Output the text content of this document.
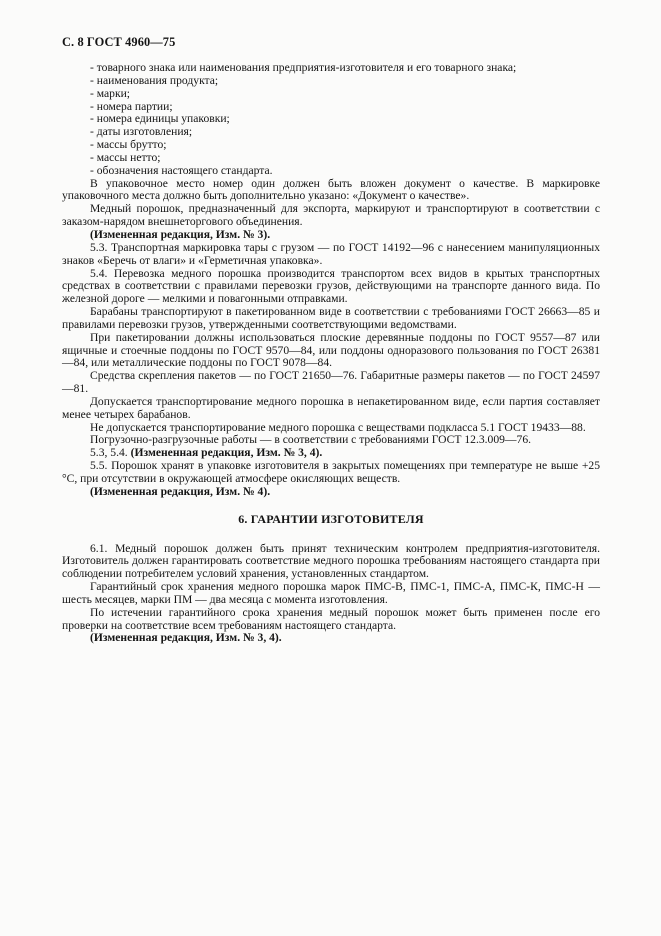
С. 8 ГОСТ 4960—75
- товарного знака или наименования предприятия-изготовителя и его товарного знака;
- наименования продукта;
- марки;
- номера партии;
- номера единицы упаковки;
- даты изготовления;
- массы брутто;
- массы нетто;
- обозначения настоящего стандарта.
В упаковочное место номер один должен быть вложен документ о качестве. В маркировке упаковочного места должно быть дополнительно указано: «Документ о качестве».
Медный порошок, предназначенный для экспорта, маркируют и транспортируют в соответствии с заказом-нарядом внешнеторгового объединения.
(Измененная редакция, Изм. № 3).
5.3. Транспортная маркировка тары с грузом — по ГОСТ 14192—96 с нанесением манипуляционных знаков «Беречь от влаги» и «Герметичная упаковка».
5.4. Перевозка медного порошка производится транспортом всех видов в крытых транспортных средствах в соответствии с правилами перевозки грузов, действующими на транспорте данного вида. По железной дороге — мелкими и повагонными отправками.
Барабаны транспортируют в пакетированном виде в соответствии с требованиями ГОСТ 26663—85 и правилами перевозки грузов, утвержденными соответствующими ведомствами.
При пакетировании должны использоваться плоские деревянные поддоны по ГОСТ 9557—87 или ящичные и стоечные поддоны по ГОСТ 9570—84, или поддоны одноразового пользования по ГОСТ 26381—84, или металлические поддоны по ГОСТ 9078—84.
Средства скрепления пакетов — по ГОСТ 21650—76. Габаритные размеры пакетов — по ГОСТ 24597—81.
Допускается транспортирование медного порошка в непакетированном виде, если партия составляет менее четырех барабанов.
Не допускается транспортирование медного порошка с веществами подкласса 5.1 ГОСТ 19433—88.
Погрузочно-разгрузочные работы — в соответствии с требованиями ГОСТ 12.3.009—76.
5.3, 5.4. (Измененная редакция, Изм. № 3, 4).
5.5. Порошок хранят в упаковке изготовителя в закрытых помещениях при температуре не выше +25 °С, при отсутствии в окружающей атмосфере окисляющих веществ.
(Измененная редакция, Изм. № 4).
6. ГАРАНТИИ ИЗГОТОВИТЕЛЯ
6.1. Медный порошок должен быть принят техническим контролем предприятия-изготовителя. Изготовитель должен гарантировать соответствие медного порошка требованиям настоящего стандарта при соблюдении потребителем условий хранения, установленных стандартом.
Гарантийный срок хранения медного порошка марок ПМС-В, ПМС-1, ПМС-А, ПМС-К, ПМС-Н — шесть месяцев, марки ПМ — два месяца с момента изготовления.
По истечении гарантийного срока хранения медный порошок может быть применен после его проверки на соответствие всем требованиям настоящего стандарта.
(Измененная редакция, Изм. № 3, 4).
